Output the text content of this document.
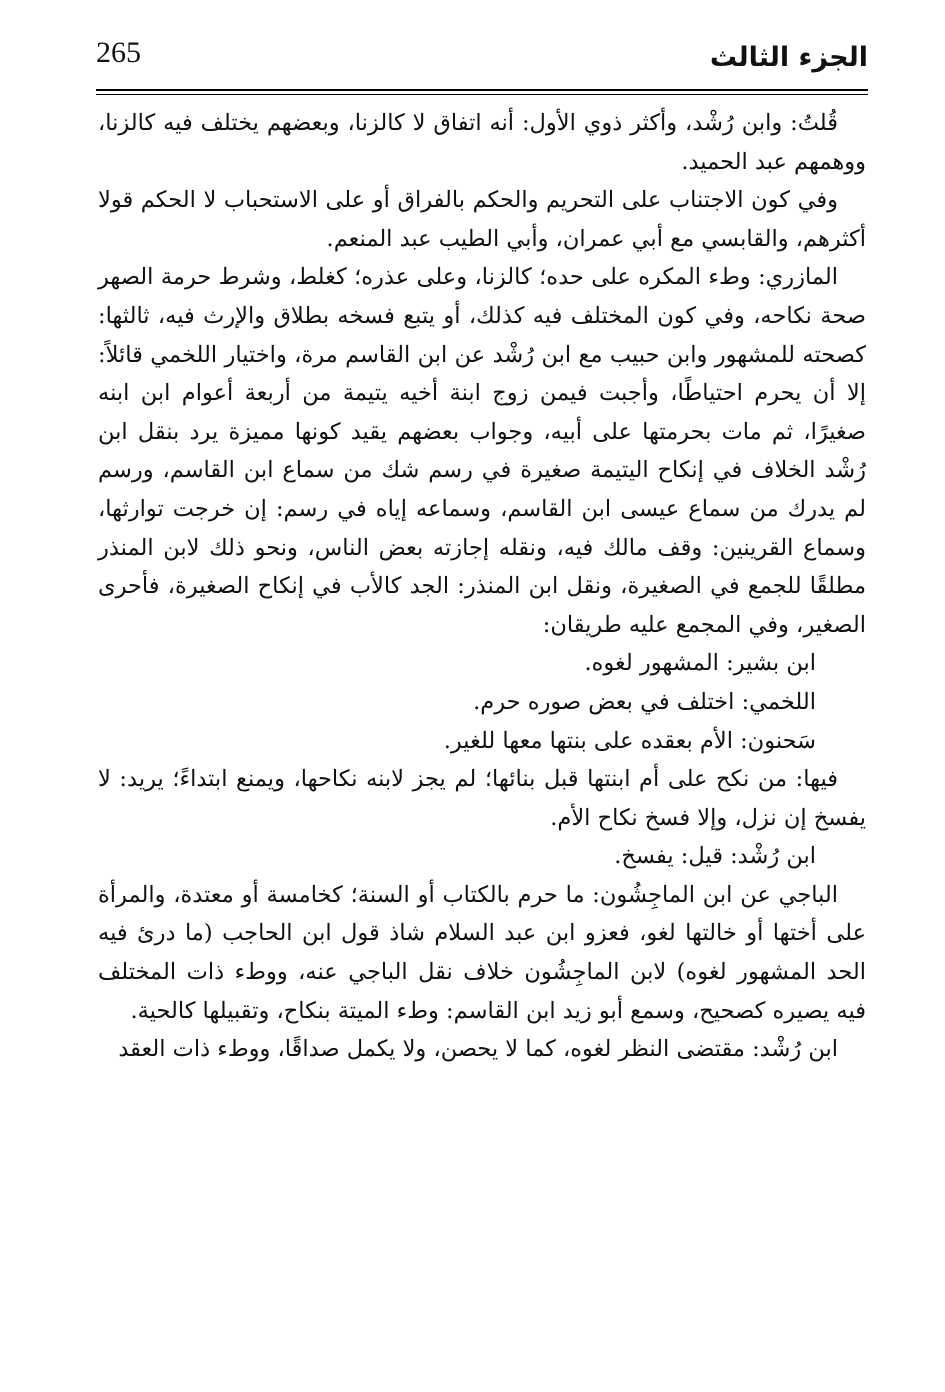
265	الجزء الثالث

قُلتُ: وابن رُشْد، وأكثر ذوي الأول: أنه اتفاق لا كالزنا، وبعضهم يختلف فيه كالزنا، ووهمهم عبد الحميد.

وفي كون الاجتناب على التحريم والحكم بالفراق أو على الاستحباب لا الحكم قولا أكثرهم، والقابسي مع أبي عمران، وأبي الطيب عبد المنعم.

المازري: وطء المكره على حده؛ كالزنا، وعلى عذره؛ كغلط، وشرط حرمة الصهر صحة نكاحه، وفي كون المختلف فيه كذلك، أو يتبع فسخه بطلاق والإرث فيه، ثالثها: كصحته للمشهور وابن حبيب مع ابن رُشْد عن ابن القاسم مرة، واختيار اللخمي قائلاً: إلا أن يحرم احتياطًا، وأجبت فيمن زوج ابنة أخيه يتيمة من أربعة أعوام ابن ابنه صغيرًا، ثم مات بحرمتها على أبيه، وجواب بعضهم يقيد كونها مميزة يرد بنقل ابن رُشْد الخلاف في إنكاح اليتيمة صغيرة في رسم شك من سماع ابن القاسم، ورسم لم يدرك من سماع عيسى ابن القاسم، وسماعه إياه في رسم: إن خرجت توارثها، وسماع القرينين: وقف مالك فيه، ونقله إجازته بعض الناس، ونحو ذلك لابن المنذر مطلقًا للجمع في الصغيرة، ونقل ابن المنذر: الجد كالأب في إنكاح الصغيرة، فأحرى الصغير، وفي المجمع عليه طريقان:

ابن بشير: المشهور لغوه.

اللخمي: اختلف في بعض صوره حرم.

سَحنون: الأم بعقده على بنتها معها للغير.

فيها: من نكح على أم ابنتها قبل بنائها؛ لم يجز لابنه نكاحها، ويمنع ابتداءً؛ يريد: لا يفسخ إن نزل، وإلا فسخ نكاح الأم.

ابن رُشْد: قيل: يفسخ.

الباجي عن ابن الماجِشُون: ما حرم بالكتاب أو السنة؛ كخامسة أو معتدة، والمرأة على أختها أو خالتها لغو، فعزو ابن عبد السلام شاذ قول ابن الحاجب (ما درئ فيه الحد المشهور لغوه) لابن الماجِشُون خلاف نقل الباجي عنه، ووطء ذات المختلف فيه يصيره كصحيح، وسمع أبو زيد ابن القاسم: وطء الميتة بنكاح، وتقبيلها كالحية.

ابن رُشْد: مقتضى النظر لغوه، كما لا يحصن، ولا يكمل صداقًا، ووطء ذات العقد
